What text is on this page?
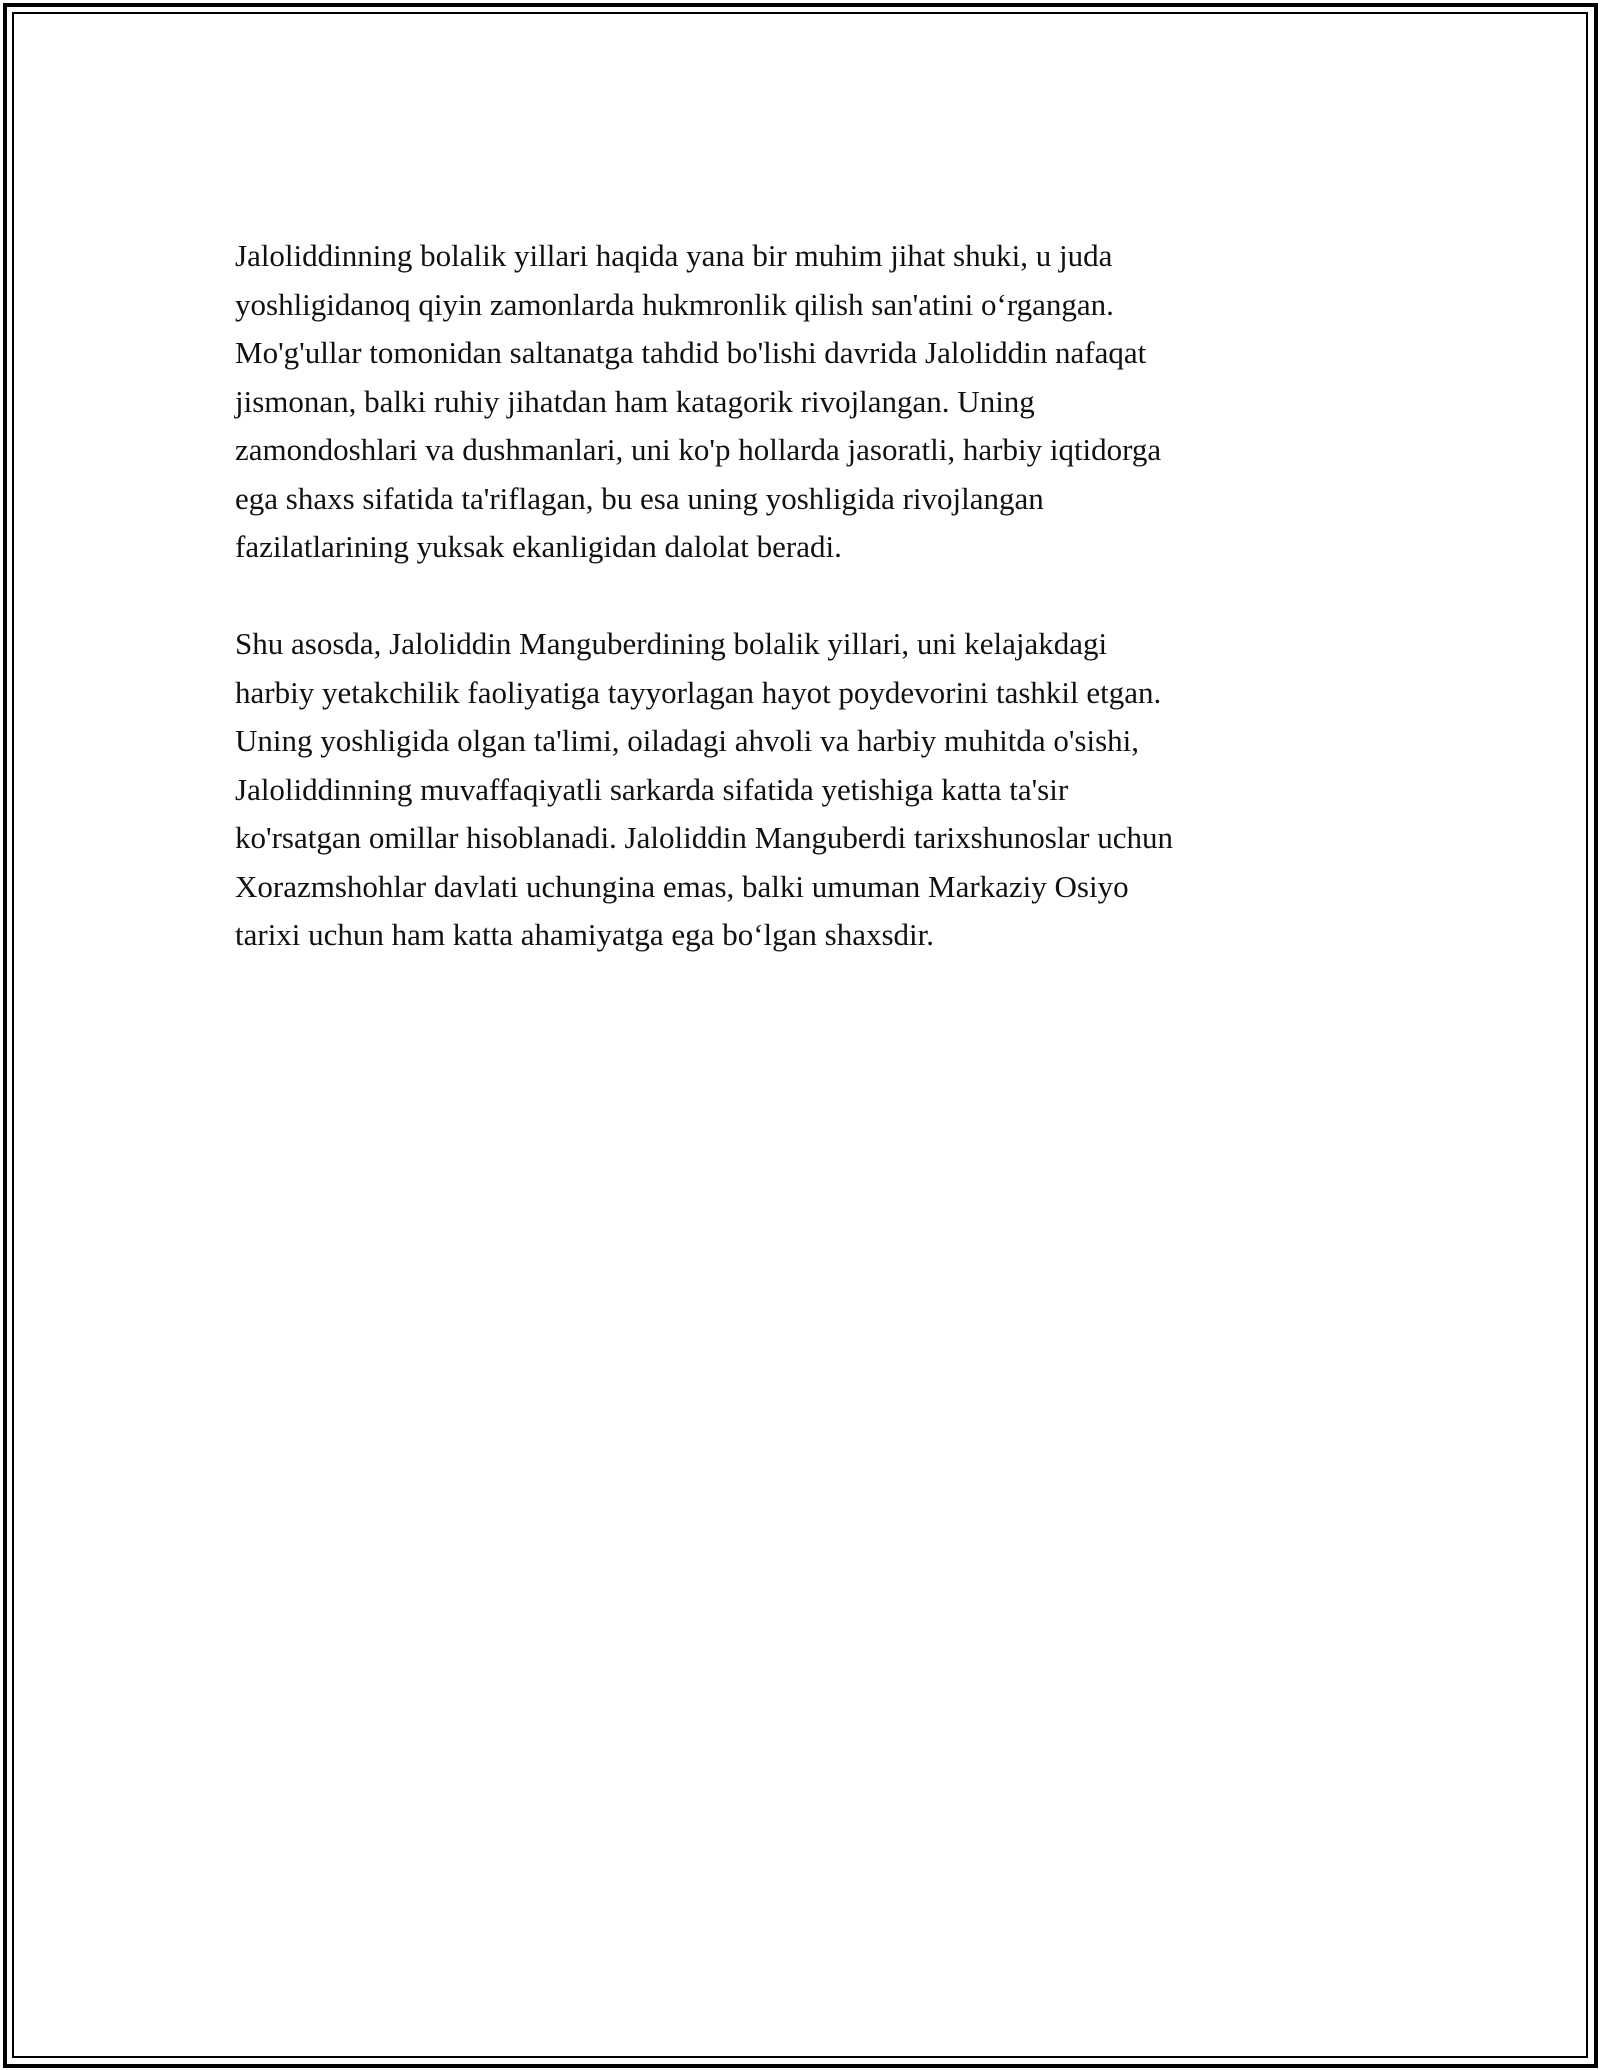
Jaloliddinning bolalik yillari haqida yana bir muhim jihat shuki, u juda
yoshligidanoq qiyin zamonlarda hukmronlik qilish san'atini o‘rgangan.
Mo'g'ullar tomonidan saltanatga tahdid bo'lishi davrida Jaloliddin nafaqat
jismonan, balki ruhiy jihatdan ham katagorik rivojlangan. Uning
zamondoshlari va dushmanlari, uni ko'p hollarda jasoratli, harbiy iqtidorga
ega shaxs sifatida ta'riflagan, bu esa uning yoshligida rivojlangan
fazilatlarining yuksak ekanligidan dalolat beradi.

Shu asosda, Jaloliddin Manguberdining bolalik yillari, uni kelajakdagi
harbiy yetakchilik faoliyatiga tayyorlagan hayot poydevorini tashkil etgan.
Uning yoshligida olgan ta'limi, oiladagi ahvoli va harbiy muhitda o'sishi,
Jaloliddinning muvaffaqiyatli sarkarda sifatida yetishiga katta ta'sir
ko'rsatgan omillar hisoblanadi. Jaloliddin Manguberdi tarixshunoslar uchun
Xorazmshohlar davlati uchungina emas, balki umuman Markaziy Osiyo
tarixi uchun ham katta ahamiyatga ega bo‘lgan shaxsdir.
